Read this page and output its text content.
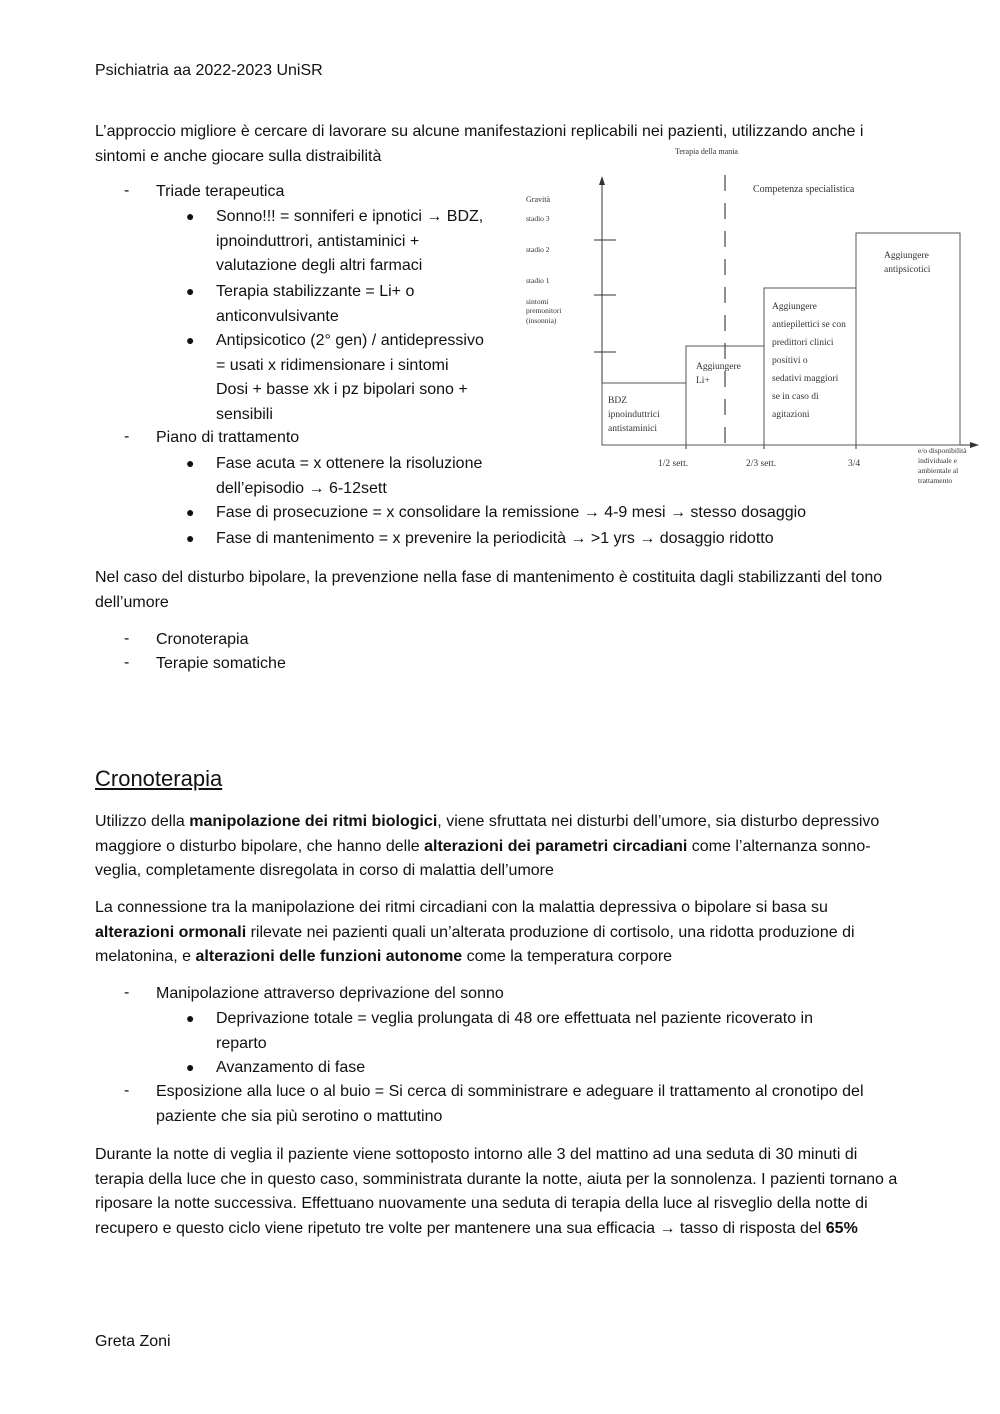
Psichiatria aa 2022-2023 UniSR

L’approccio migliore è cercare di lavorare su alcune manifestazioni replicabili nei pazienti, utilizzando anche i sintomi e anche giocare sulla distraibilità

- Triade terapeutica
● Sonno!!! = sonniferi e ipnotici → BDZ,
ipnoinduttrori, antistaminici +
valutazione degli altri farmaci
● Terapia stabilizzante = Li+ o
anticonvulsivante
● Antipsicotico (2° gen) / antidepressivo
= usati x ridimensionare i sintomi
Dosi + basse xk i pz bipolari sono +
sensibili
- Piano di trattamento
● Fase acuta = x ottenere la risoluzione
dell’episodio → 6-12sett
● Fase di prosecuzione = x consolidare la remissione → 4-9 mesi → stesso dosaggio
● Fase di mantenimento = x prevenire la periodicità → >1 yrs → dosaggio ridotto
Terapia della mania
Gravità
stadio 3
stadio 2
stadio 1
sintomi
premonitori
(insonnia)
Competenza specialistica
BDZ ipnoinduttrici antistaminici
Aggiungere Li+
Aggiungere antiepilettici se con predittori clinici positivi o sedativi maggiori se in caso di agitazioni
Aggiungere antipsicotici
1/2 sett.	2/3 sett.	3/4
e/o disponibilità individuale e ambientale al trattamento

Nel caso del disturbo bipolare, la prevenzione nella fase di mantenimento è costituita dagli stabilizzanti del tono dell’umore

- Cronoterapia
- Terapie somatiche
Cronoterapia

Utilizzo della manipolazione dei ritmi biologici, viene sfruttata nei disturbi dell’umore, sia disturbo depressivo maggiore o disturbo bipolare, che hanno delle alterazioni dei parametri circadiani come l’alternanza sonno-veglia, completamente disregolata in corso di malattia dell’umore

La connessione tra la manipolazione dei ritmi circadiani con la malattia depressiva o bipolare si basa su alterazioni ormonali rilevate nei pazienti quali un’alterata produzione di cortisolo, una ridotta produzione di melatonina, e alterazioni delle funzioni autonome come la temperatura corpore

- Manipolazione attraverso deprivazione del sonno
● Deprivazione totale = veglia prolungata di 48 ore effettuata nel paziente ricoverato in
reparto
● Avanzamento di fase
- Esposizione alla luce o al buio = Si cerca di somministrare e adeguare il trattamento al cronotipo del
paziente che sia più serotino o mattutino

Durante la notte di veglia il paziente viene sottoposto intorno alle 3 del mattino ad una seduta di 30 minuti di terapia della luce che in questo caso, somministrata durante la notte, aiuta per la sonnolenza. I pazienti tornano a riposare la notte successiva. Effettuano nuovamente una seduta di terapia della luce al risveglio della notte di recupero e questo ciclo viene ripetuto tre volte per mantenere una sua efficacia → tasso di risposta del 65%

Greta Zoni
